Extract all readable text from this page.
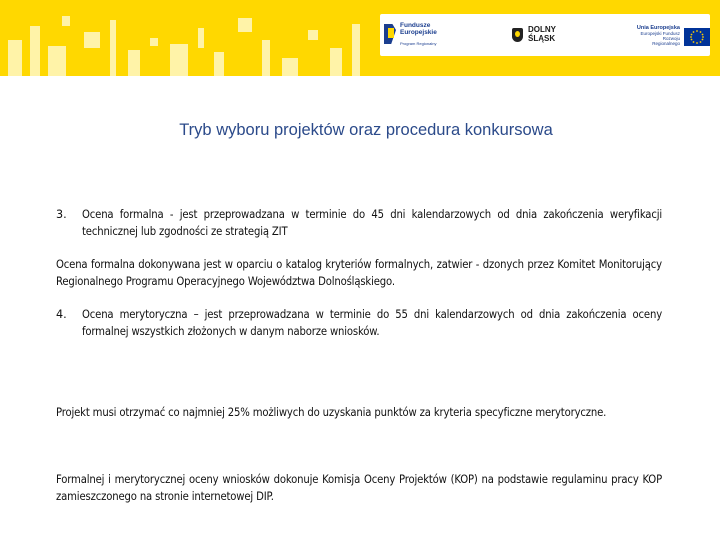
Fundusze
Europejskie
Program Regionalny
DOLNY
ŚLĄSK
Unia Europejska
Europejski Fundusz
Rozwoju Regionalnego
Tryb wyboru projektów oraz procedura konkursowa
3. Ocena formalna - jest przeprowadzana w terminie do 45 dni kalendarzowych od dnia zakończenia weryfikacji technicznej lub zgodności ze strategią ZIT
Ocena formalna dokonywana jest w oparciu o katalog kryteriów formalnych, zatwier - dzonych przez Komitet Monitorujący Regionalnego Programu Operacyjnego Województwa Dolnośląskiego.
4. Ocena merytoryczna – jest przeprowadzana w terminie do 55 dni kalendarzowych od dnia zakończenia oceny formalnej wszystkich złożonych w danym naborze wniosków.
Projekt musi otrzymać co najmniej 25% możliwych do uzyskania punktów za kryteria specyficzne merytoryczne.
Formalnej i merytorycznej oceny wniosków dokonuje Komisja Oceny Projektów (KOP) na podstawie regulaminu pracy KOP zamieszczonego na stronie internetowej DIP.
